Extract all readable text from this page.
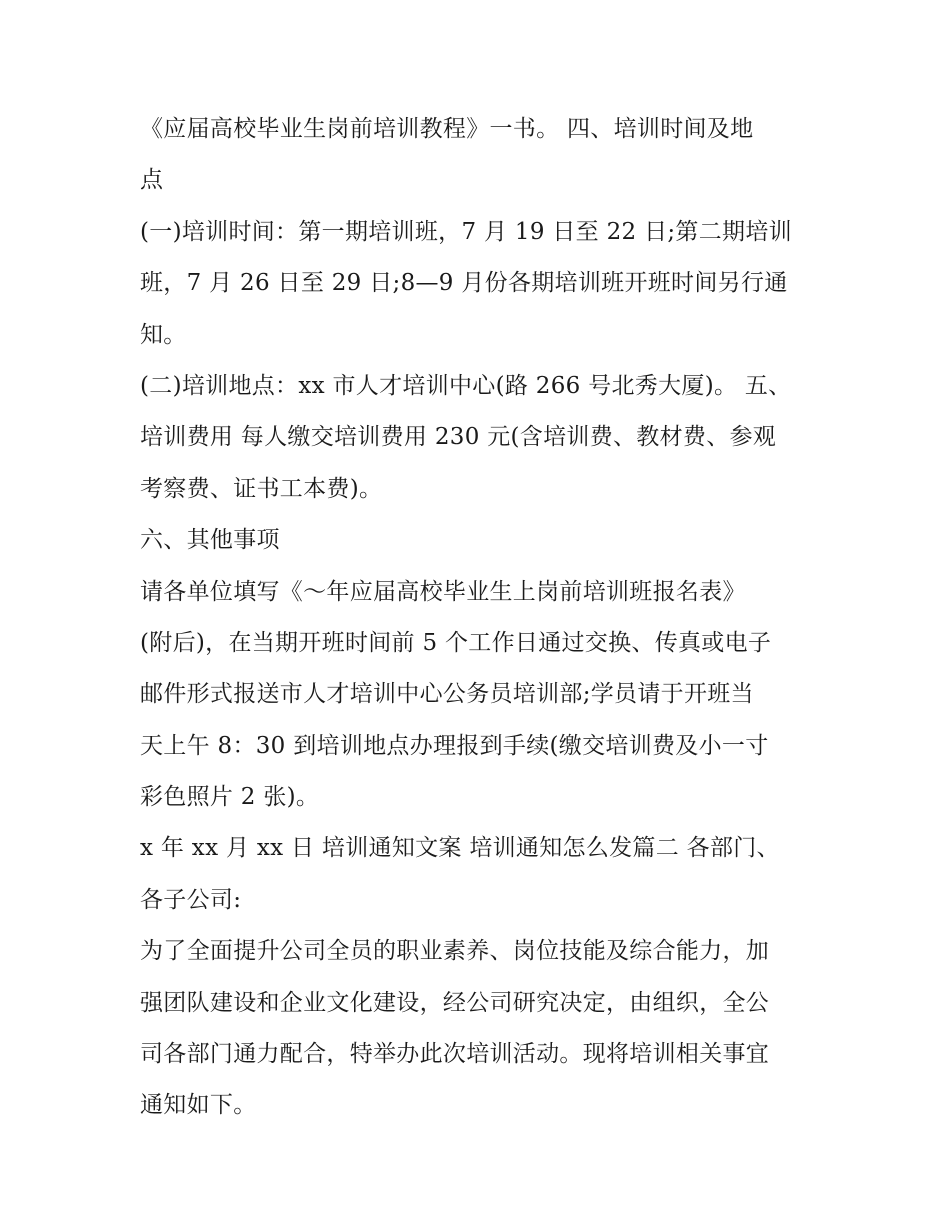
《应届高校毕业生岗前培训教程》一书。 四、培训时间及地
点
(一)培训时间：第一期培训班，7 月 19 日至 22 日;第二期培训
班，7 月 26 日至 29 日;8—9 月份各期培训班开班时间另行通
知。
(二)培训地点：xx 市人才培训中心(路 266 号北秀大厦)。 五、
培训费用 每人缴交培训费用 230 元(含培训费、教材费、参观
考察费、证书工本费)。
六、其他事项
请各单位填写《～年应届高校毕业生上岗前培训班报名表》
(附后)，在当期开班时间前 5 个工作日通过交换、传真或电子
邮件形式报送市人才培训中心公务员培训部;学员请于开班当
天上午 8：30 到培训地点办理报到手续(缴交培训费及小一寸
彩色照片 2 张)。
x 年 xx 月 xx 日 培训通知文案 培训通知怎么发篇二 各部门、
各子公司:
为了全面提升公司全员的职业素养、岗位技能及综合能力，加
强团队建设和企业文化建设，经公司研究决定，由组织，全公
司各部门通力配合，特举办此次培训活动。现将培训相关事宜
通知如下。
